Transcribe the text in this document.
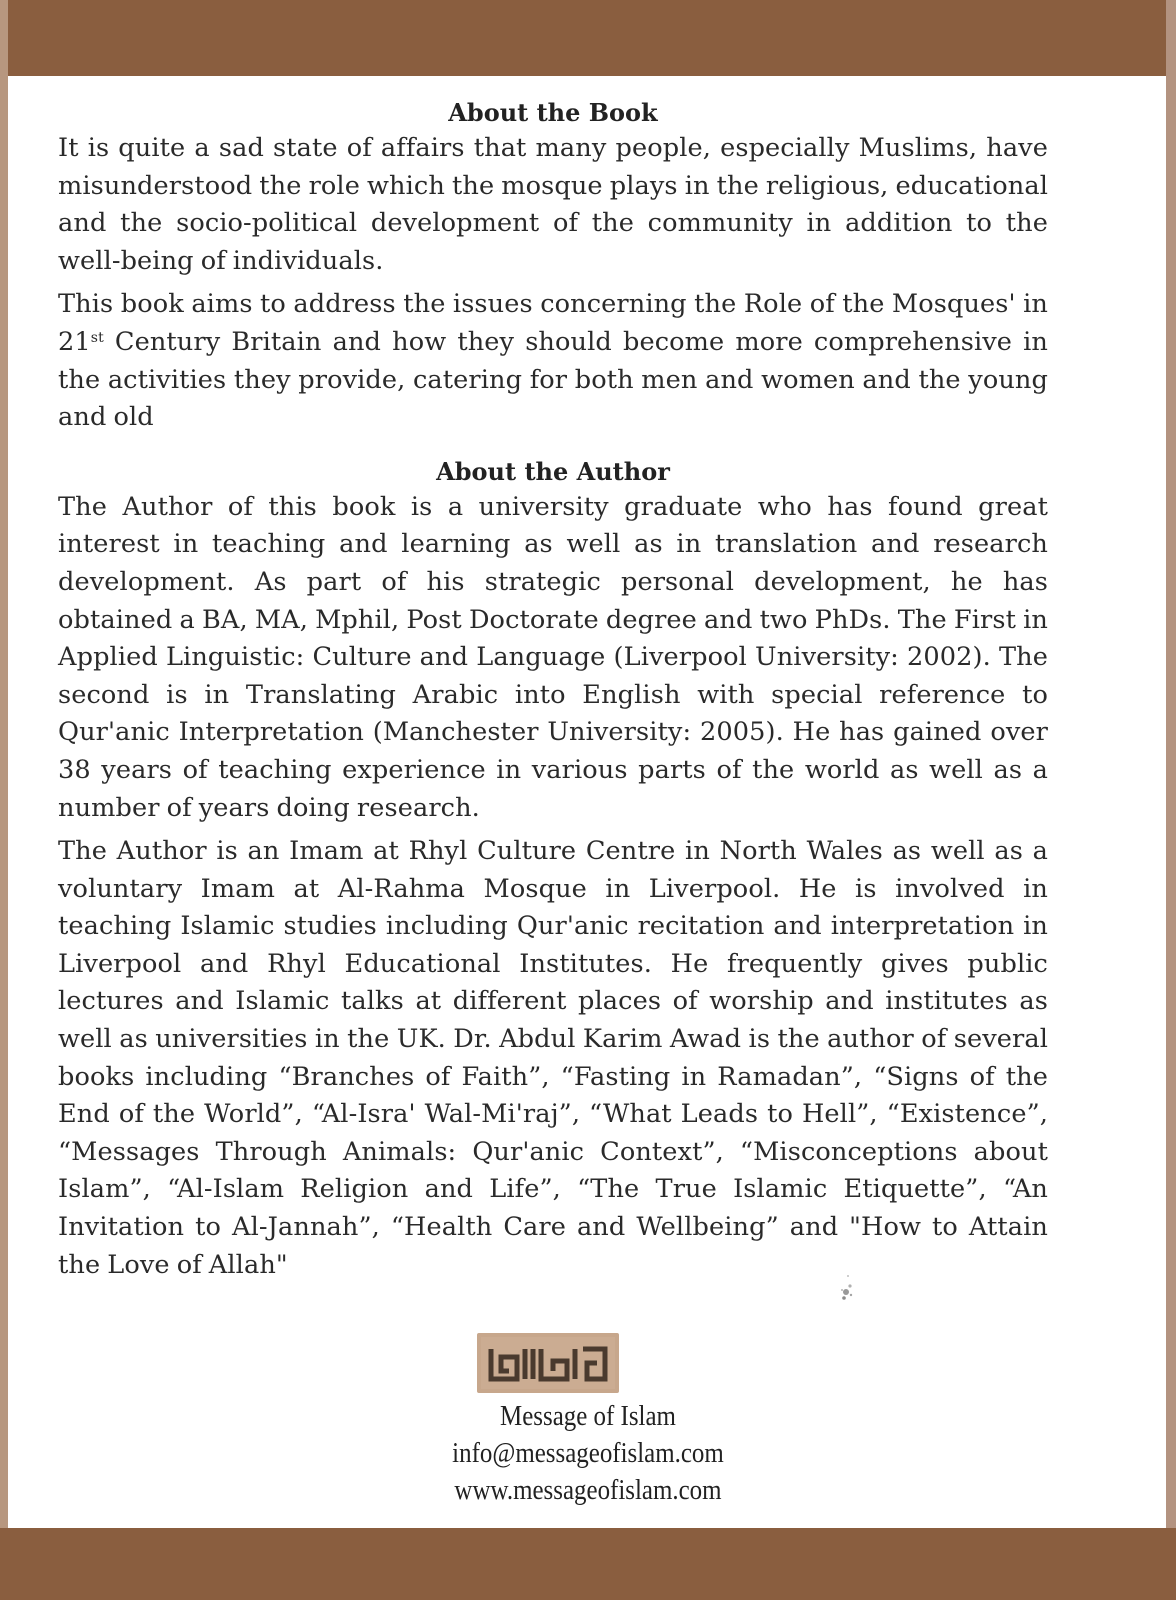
About the Book

It is quite a sad state of affairs that many people, especially Muslims, have misunderstood the role which the mosque plays in the religious, educational and the socio-political development of the community in addition to the well-being of individuals.

This book aims to address the issues concerning the Role of the Mosques' in 21st Century Britain and how they should become more comprehensive in the activities they provide, catering for both men and women and the young and old

About the Author

The Author of this book is a university graduate who has found great interest in teaching and learning as well as in translation and research development. As part of his strategic personal development, he has obtained a BA, MA, Mphil, Post Doctorate degree and two PhDs. The First in Applied Linguistic: Culture and Language (Liverpool University: 2002). The second is in Translating Arabic into English with special reference to Qur'anic Interpretation (Manchester University: 2005). He has gained over 38 years of teaching experience in various parts of the world as well as a number of years doing research.

The Author is an Imam at Rhyl Culture Centre in North Wales as well as a voluntary Imam at Al-Rahma Mosque in Liverpool. He is involved in teaching Islamic studies including Qur'anic recitation and interpretation in Liverpool and Rhyl Educational Institutes. He frequently gives public lectures and Islamic talks at different places of worship and institutes as well as universities in the UK. Dr. Abdul Karim Awad is the author of several books including “Branches of Faith”, “Fasting in Ramadan”, “Signs of the End of the World”, “Al-Isra' Wal-Mi'raj”, “What Leads to Hell”, “Existence”, “Messages Through Animals: Qur'anic Context”, “Misconceptions about Islam”, “Al-Islam Religion and Life”, “The True Islamic Etiquette”, “An Invitation to Al-Jannah”, “Health Care and Wellbeing” and "How to Attain the Love of Allah"

Message of Islam
info@messageofislam.com
www.messageofislam.com
